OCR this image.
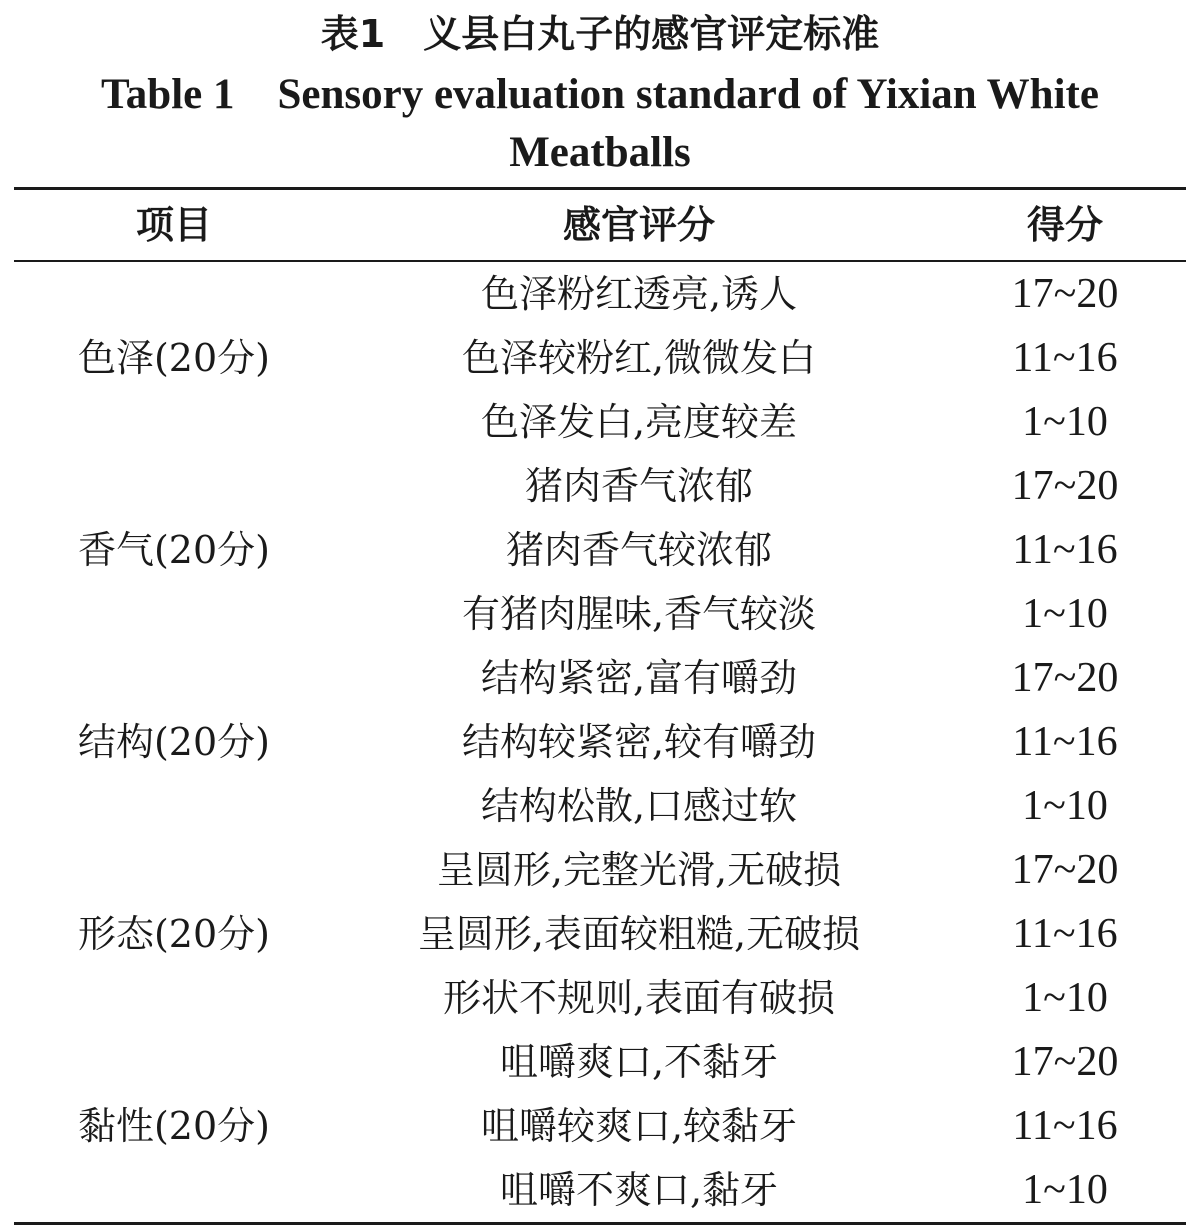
表1　义县白丸子的感官评定标准
Table 1　Sensory evaluation standard of Yixian White Meatballs
项目	感官评分	得分
色泽(20分)
色泽粉红透亮,诱人	17~20
色泽较粉红,微微发白	11~16
色泽发白,亮度较差	1~10
香气(20分)
猪肉香气浓郁	17~20
猪肉香气较浓郁	11~16
有猪肉腥味,香气较淡	1~10
结构(20分)
结构紧密,富有嚼劲	17~20
结构较紧密,较有嚼劲	11~16
结构松散,口感过软	1~10
形态(20分)
呈圆形,完整光滑,无破损	17~20
呈圆形,表面较粗糙,无破损	11~16
形状不规则,表面有破损	1~10
黏性(20分)
咀嚼爽口,不黏牙	17~20
咀嚼较爽口,较黏牙	11~16
咀嚼不爽口,黏牙	1~10
